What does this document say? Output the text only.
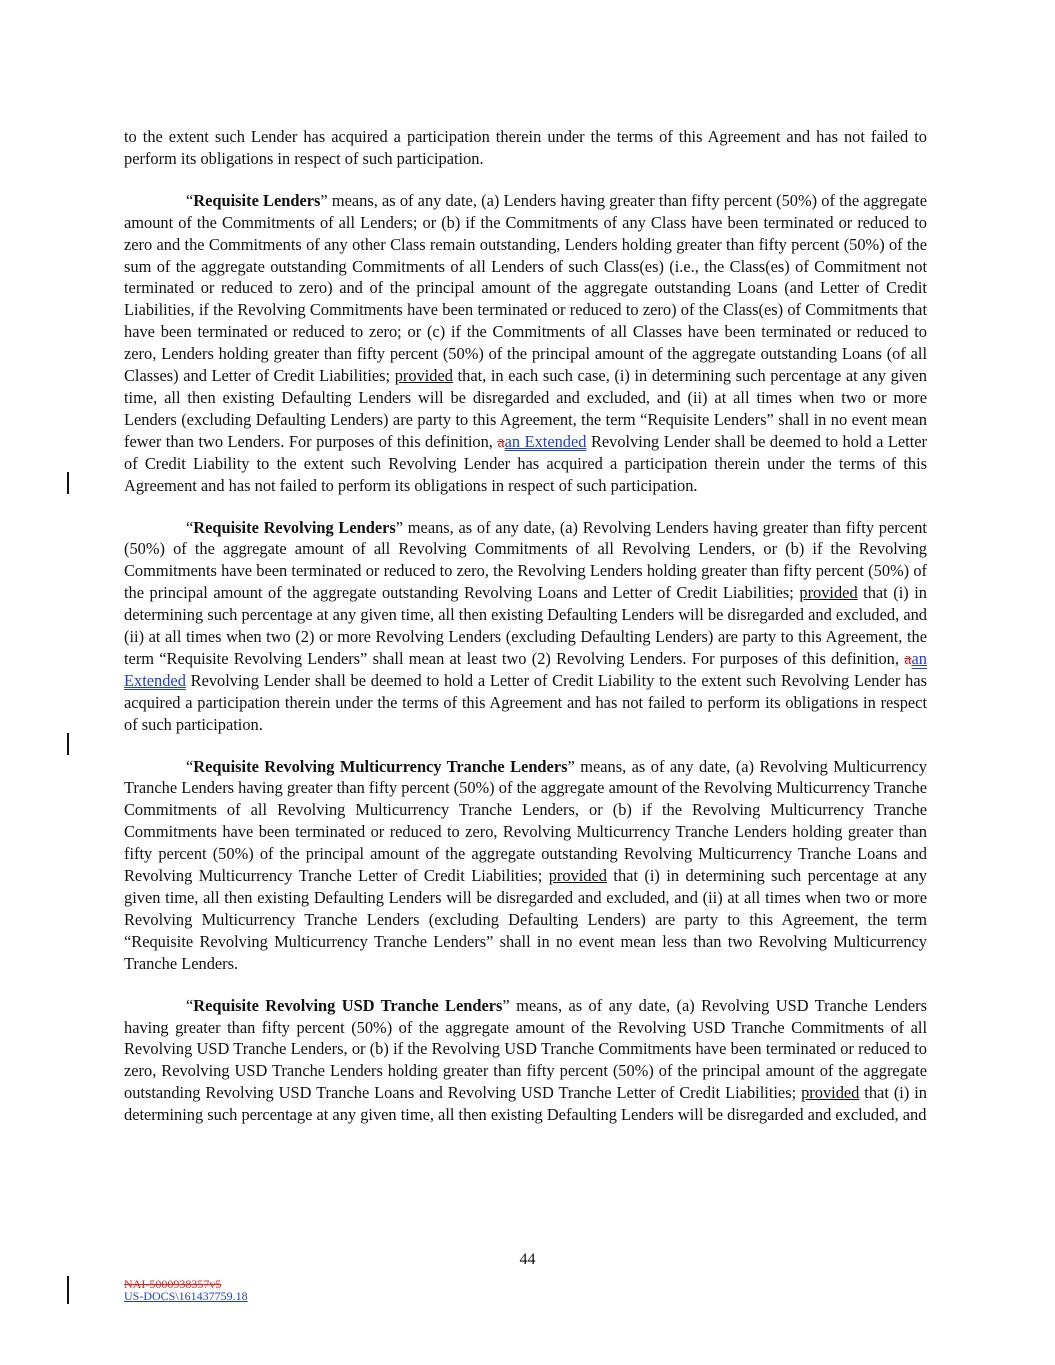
to the extent such Lender has acquired a participation therein under the terms of this Agreement and has not failed to perform its obligations in respect of such participation.

“Requisite Lenders” means, as of any date, (a) Lenders having greater than fifty percent (50%) of the aggregate amount of the Commitments of all Lenders; or (b) if the Commitments of any Class have been terminated or reduced to zero and the Commitments of any other Class remain outstanding, Lenders holding greater than fifty percent (50%) of the sum of the aggregate outstanding Commitments of all Lenders of such Class(es) (i.e., the Class(es) of Commitment not terminated or reduced to zero) and of the principal amount of the aggregate outstanding Loans (and Letter of Credit Liabilities, if the Revolving Commitments have been terminated or reduced to zero) of the Class(es) of Commitments that have been terminated or reduced to zero; or (c) if the Commitments of all Classes have been terminated or reduced to zero, Lenders holding greater than fifty percent (50%) of the principal amount of the aggregate outstanding Loans (of all Classes) and Letter of Credit Liabilities; provided that, in each such case, (i) in determining such percentage at any given time, all then existing Defaulting Lenders will be disregarded and excluded, and (ii) at all times when two or more Lenders (excluding Defaulting Lenders) are party to this Agreement, the term “Requisite Lenders” shall in no event mean fewer than two Lenders. For purposes of this definition, aan Extended Revolving Lender shall be deemed to hold a Letter of Credit Liability to the extent such Revolving Lender has acquired a participation therein under the terms of this Agreement and has not failed to perform its obligations in respect of such participation.

“Requisite Revolving Lenders” means, as of any date, (a) Revolving Lenders having greater than fifty percent (50%) of the aggregate amount of all Revolving Commitments of all Revolving Lenders, or (b) if the Revolving Commitments have been terminated or reduced to zero, the Revolving Lenders holding greater than fifty percent (50%) of the principal amount of the aggregate outstanding Revolving Loans and Letter of Credit Liabilities; provided that (i) in determining such percentage at any given time, all then existing Defaulting Lenders will be disregarded and excluded, and (ii) at all times when two (2) or more Revolving Lenders (excluding Defaulting Lenders) are party to this Agreement, the term “Requisite Revolving Lenders” shall mean at least two (2) Revolving Lenders. For purposes of this definition, aan Extended Revolving Lender shall be deemed to hold a Letter of Credit Liability to the extent such Revolving Lender has acquired a participation therein under the terms of this Agreement and has not failed to perform its obligations in respect of such participation.

“Requisite Revolving Multicurrency Tranche Lenders” means, as of any date, (a) Revolving Multicurrency Tranche Lenders having greater than fifty percent (50%) of the aggregate amount of the Revolving Multicurrency Tranche Commitments of all Revolving Multicurrency Tranche Lenders, or (b) if the Revolving Multicurrency Tranche Commitments have been terminated or reduced to zero, Revolving Multicurrency Tranche Lenders holding greater than fifty percent (50%) of the principal amount of the aggregate outstanding Revolving Multicurrency Tranche Loans and Revolving Multicurrency Tranche Letter of Credit Liabilities; provided that (i) in determining such percentage at any given time, all then existing Defaulting Lenders will be disregarded and excluded, and (ii) at all times when two or more Revolving Multicurrency Tranche Lenders (excluding Defaulting Lenders) are party to this Agreement, the term “Requisite Revolving Multicurrency Tranche Lenders” shall in no event mean less than two Revolving Multicurrency Tranche Lenders.

“Requisite Revolving USD Tranche Lenders” means, as of any date, (a) Revolving USD Tranche Lenders having greater than fifty percent (50%) of the aggregate amount of the Revolving USD Tranche Commitments of all Revolving USD Tranche Lenders, or (b) if the Revolving USD Tranche Commitments have been terminated or reduced to zero, Revolving USD Tranche Lenders holding greater than fifty percent (50%) of the principal amount of the aggregate outstanding Revolving USD Tranche Loans and Revolving USD Tranche Letter of Credit Liabilities; provided that (i) in determining such percentage at any given time, all then existing Defaulting Lenders will be disregarded and excluded, and

44
NAI-5000938357v5
US-DOCS\161437759.18
